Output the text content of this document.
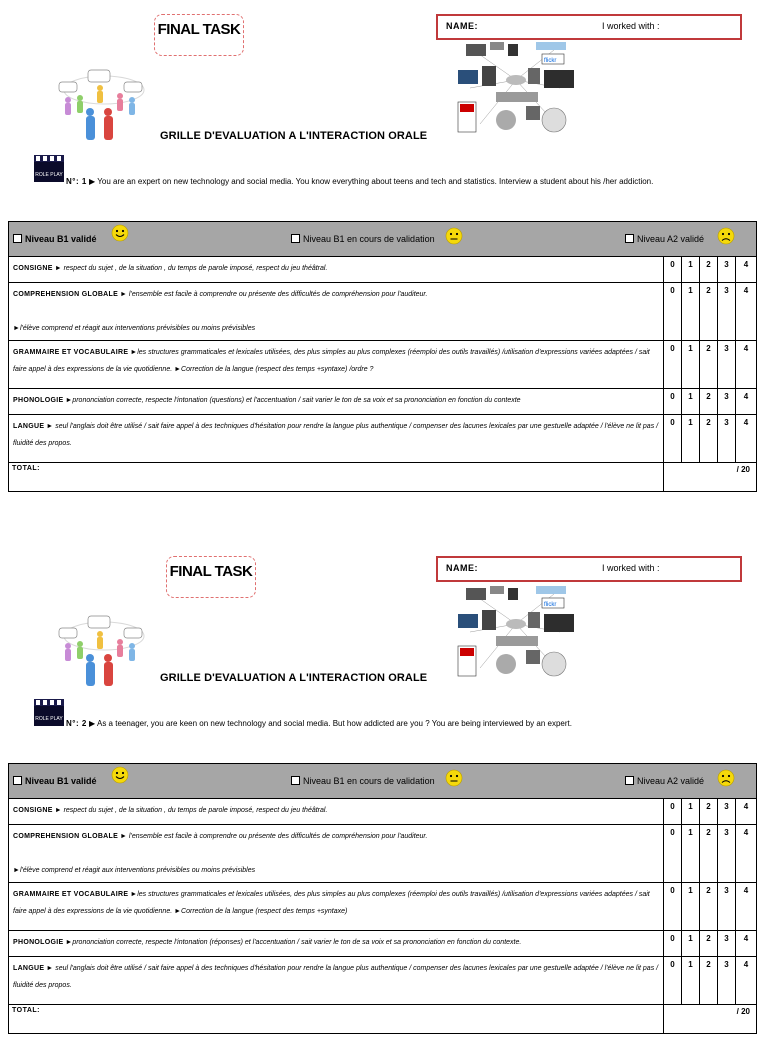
FINAL TASK	NAME:	I worked with :
flickr
GRILLE D'EVALUATION A L'INTERACTION ORALE
ROLE PLAY
N°: 1 ▶ You are an expert on new technology and social media. You know everything about teens and tech and statistics. Interview a student about his /her addiction.
Niveau B1 validé Niveau B1 en cours de validation Niveau A2 validé					

CONSIGNE ► respect du sujet , de la situation , du temps de parole imposé, respect du jeu théâtral.	0	1	2	3	4
COMPREHENSION GLOBALE ► l'ensemble est facile à comprendre ou présente des difficultés de compréhension pour l'auditeur.

►l'élève comprend et réagit aux interventions prévisibles ou moins prévisibles	0	1	2	3	4
GRAMMAIRE ET VOCABULAIRE ►les structures grammaticales et lexicales utilisées, des plus simples au plus complexes (réemploi des outils travaillés) /utilisation d'expressions variées adaptées / sait faire appel à des expressions de la vie quotidienne. ►Correction de la langue (respect des temps +syntaxe) /ordre ?	0	1	2	3	4
PHONOLOGIE ►prononciation correcte, respecte l'intonation (questions) et l'accentuation / sait varier le ton de sa voix et sa prononciation en fonction du contexte	0	1	2	3	4
LANGUE ► seul l'anglais doit être utilisé / sait faire appel à des techniques d'hésitation pour rendre la langue plus authentique / compenser des lacunes lexicales par une gestuelle adaptée / l'élève ne lit pas / fluidité des propos.	0	1	2	3	4
TOTAL:	/ 20				
FINAL TASK	NAME:	I worked with :
flickr
GRILLE D'EVALUATION A L'INTERACTION ORALE
ROLE PLAY N°: 2 ▶ As a teenager, you are keen on new technology and social media. But how addicted are you ? You are being interviewed by an expert.
Niveau B1 validé Niveau B1 en cours de validation Niveau A2 validé					

CONSIGNE ► respect du sujet , de la situation , du temps de parole imposé, respect du jeu théâtral.	0	1	2	3	4
COMPREHENSION GLOBALE ► l'ensemble est facile à comprendre ou présente des difficultés de compréhension pour l'auditeur.

►l'élève comprend et réagit aux interventions prévisibles ou moins prévisibles	0	1	2	3	4
GRAMMAIRE ET VOCABULAIRE ►les structures grammaticales et lexicales utilisées, des plus simples au plus complexes (réemploi des outils travaillés) /utilisation d'expressions variées adaptées / sait faire appel à des expressions de la vie quotidienne. ►Correction de la langue (respect des temps +syntaxe)	0	1	2	3	4
PHONOLOGIE ►prononciation correcte, respecte l'intonation (réponses) et l'accentuation / sait varier le ton de sa voix et sa prononciation en fonction du contexte.	0	1	2	3	4
LANGUE ► seul l'anglais doit être utilisé / sait faire appel à des techniques d'hésitation pour rendre la langue plus authentique / compenser des lacunes lexicales par une gestuelle adaptée / l'élève ne lit pas / fluidité des propos.	0	1	2	3	4
TOTAL:	/ 20				
